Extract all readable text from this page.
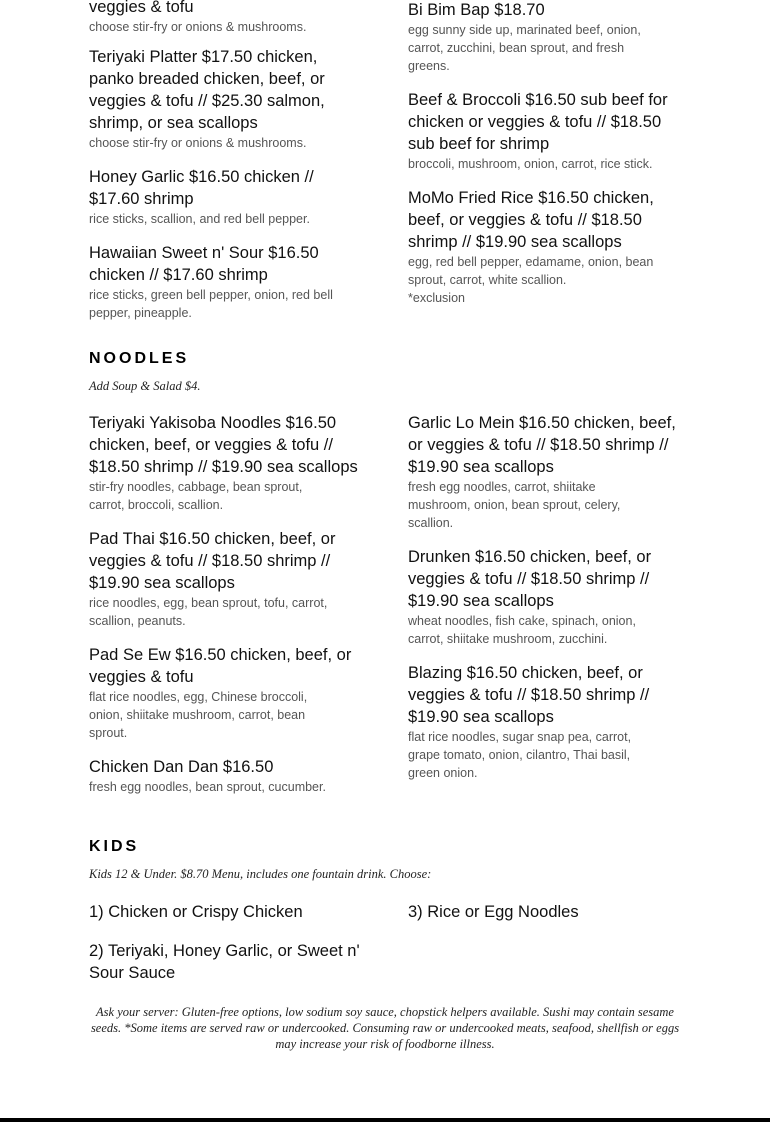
veggies & tofu
choose stir-fry or onions & mushrooms.
Teriyaki Platter $17.50 chicken, panko breaded chicken, beef, or veggies & tofu // $25.30 salmon, shrimp, or sea scallops
choose stir-fry or onions & mushrooms.
Honey Garlic $16.50 chicken // $17.60 shrimp
rice sticks, scallion, and red bell pepper.
Hawaiian Sweet n' Sour $16.50 chicken // $17.60 shrimp
rice sticks, green bell pepper, onion, red bell pepper, pineapple.
Bi Bim Bap $18.70
egg sunny side up, marinated beef, onion, carrot, zucchini, bean sprout, and fresh greens.
Beef & Broccoli $16.50 sub beef for chicken or veggies & tofu // $18.50 sub beef for shrimp
broccoli, mushroom, onion, carrot, rice stick.
MoMo Fried Rice $16.50 chicken, beef, or veggies & tofu // $18.50 shrimp // $19.90 sea scallops
egg, red bell pepper, edamame, onion, bean sprout, carrot, white scallion.
*exclusion
NOODLES
Add Soup & Salad $4.
Teriyaki Yakisoba Noodles $16.50 chicken, beef, or veggies & tofu // $18.50 shrimp // $19.90 sea scallops
stir-fry noodles, cabbage, bean sprout, carrot, broccoli, scallion.
Pad Thai $16.50 chicken, beef, or veggies & tofu // $18.50 shrimp // $19.90 sea scallops
rice noodles, egg, bean sprout, tofu, carrot, scallion, peanuts.
Pad Se Ew $16.50 chicken, beef, or veggies & tofu
flat rice noodles, egg, Chinese broccoli, onion, shiitake mushroom, carrot, bean sprout.
Chicken Dan Dan $16.50
fresh egg noodles, bean sprout, cucumber.
Garlic Lo Mein $16.50 chicken, beef, or veggies & tofu // $18.50 shrimp // $19.90 sea scallops
fresh egg noodles, carrot, shiitake mushroom, onion, bean sprout, celery, scallion.
Drunken $16.50 chicken, beef, or veggies & tofu // $18.50 shrimp // $19.90 sea scallops
wheat noodles, fish cake, spinach, onion, carrot, shiitake mushroom, zucchini.
Blazing $16.50 chicken, beef, or veggies & tofu // $18.50 shrimp // $19.90 sea scallops
flat rice noodles, sugar snap pea, carrot, grape tomato, onion, cilantro, Thai basil, green onion.
KIDS
Kids 12 & Under. $8.70 Menu, includes one fountain drink. Choose:
1) Chicken or Crispy Chicken	3) Rice or Egg Noodles
2) Teriyaki, Honey Garlic, or Sweet n' Sour Sauce
Ask your server: Gluten-free options, low sodium soy sauce, chopstick helpers available. Sushi may contain sesame seeds. *Some items are served raw or undercooked. Consuming raw or undercooked meats, seafood, shellfish or eggs may increase your risk of foodborne illness.
